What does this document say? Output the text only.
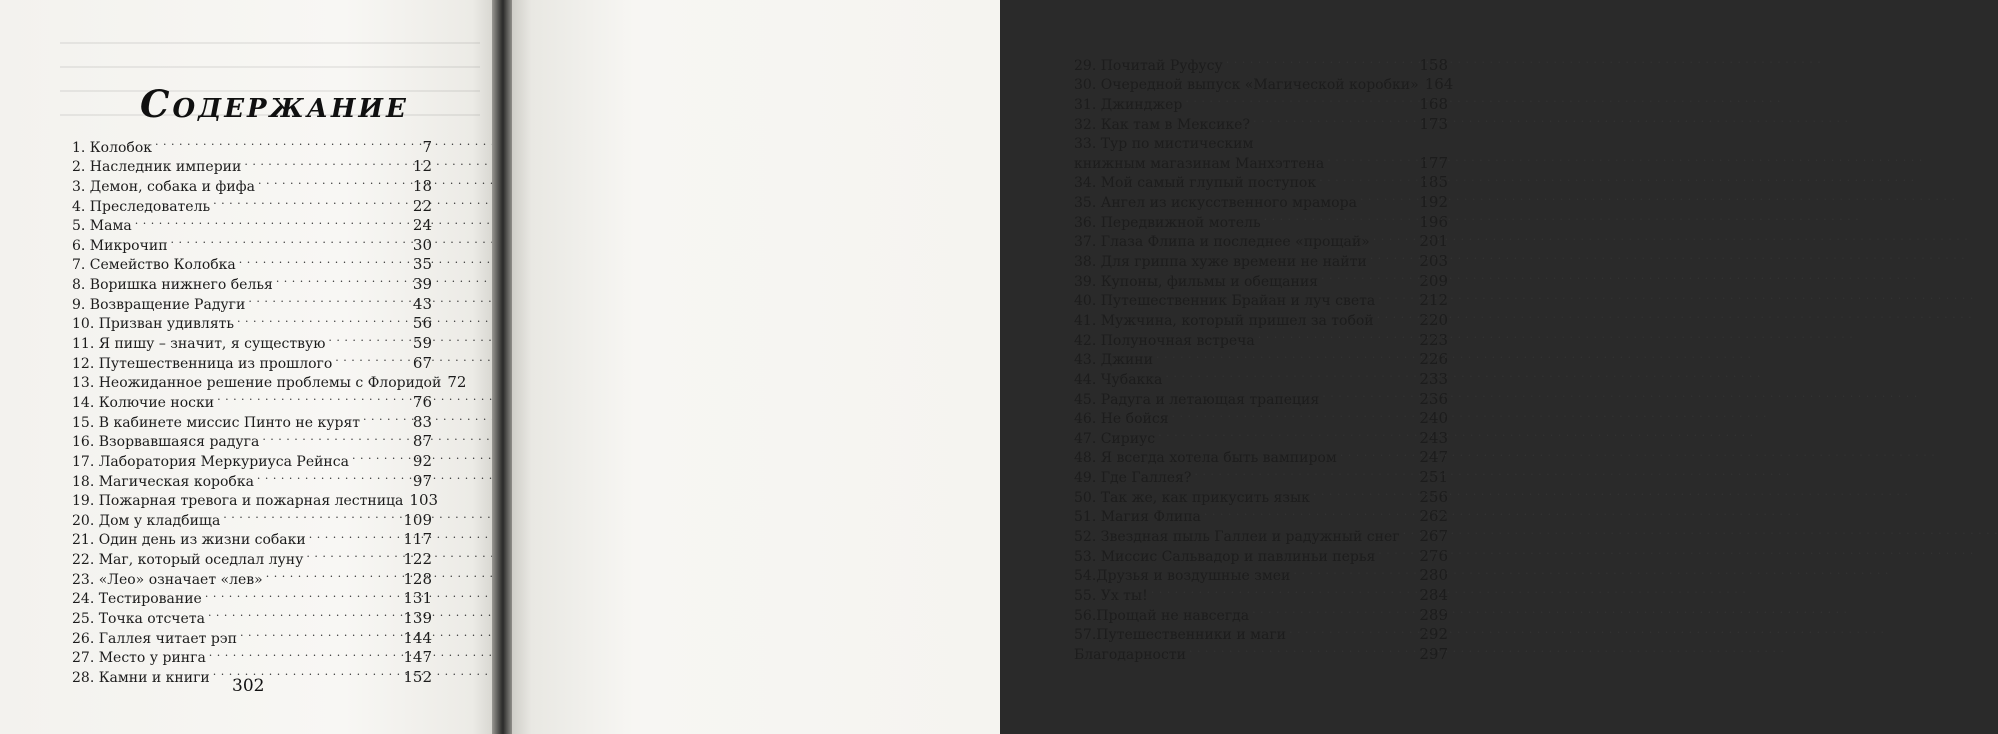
Содержание
1. Колобок . . .	7
2. Наследник империи . . .	12
3. Демон, собака и фифа . . .	18
4. Преследователь . . .	22
5. Мама . . .	24
6. Микрочип . . .	30
7. Семейство Колобка . . .	35
8. Воришка нижнего белья . . .	39
9. Возвращение Радуги . . .	43
10. Призван удивлять . . .	56
11. Я пишу – значит, я существую . . .	59
12. Путешественница из прошлого . . .	67
13. Неожиданное решение проблемы с Флоридой 72
14. Колючие носки . . .	76
15. В кабинете миссис Пинто не курят . . .	83
16. Взорвавшаяся радуга . . .	87
17. Лаборатория Меркуриуса Рейнса . . .	92
18. Магическая коробка . . .	97
19. Пожарная тревога и пожарная лестница 103
20. Дом у кладбища . . .	109
21. Один день из жизни собаки . . .	117
22. Маг, который оседлал луну . . .	122
23. «Лео» означает «лев» . . .	128
24. Тестирование . . .	131
25. Точка отсчета . . .	139
26. Галлея читает рэп . . .	144
27. Место у ринга . . .	147
28. Камни и книги . . .	152

302

29. Почитай Руфусу . . .	158
30. Очередной выпуск «Магической коробки» 164
31. Джинджер . . .	168
32. Как там в Мексике? . . .	173
33. Тур по мистическим
книжным магазинам Манхэттена . . .	177
34. Мой самый глупый поступок . . .	185
35. Ангел из искусственного мрамора . . .	192
36. Передвижной мотель . . .	196
37. Глаза Флипа и последнее «прощай» . . .	201
38. Для гриппа хуже времени не найти . . .	203
39. Купоны, фильмы и обещания . . .	209
40. Путешественник Брайан и луч света . . .	212
41. Мужчина, который пришел за тобой . . .	220
42. Полуночная встреча . . .	223
43. Джини . . .	226
44. Чубакка . . .	233
45. Радуга и летающая трапеция . . .	236
46. Не бойся . . .	240
47. Сириус . . .	243
48. Я всегда хотела быть вампиром . . .	247
49. Где Галлея? . . .	251
50. Так же, как прикусить язык . . .	256
51. Магия Флипа . . .	262
52. Звездная пыль Галлеи и радужный снег . . . 267
53. Миссис Сальвадор и павлиньи перья . . .	276
54.Друзья и воздушные змеи . . .	280
55. Ух ты! . . .	284
56.Прощай не навсегда . . .	289
57.Путешественники и маги . . .	292
Благодарности . . .	297
